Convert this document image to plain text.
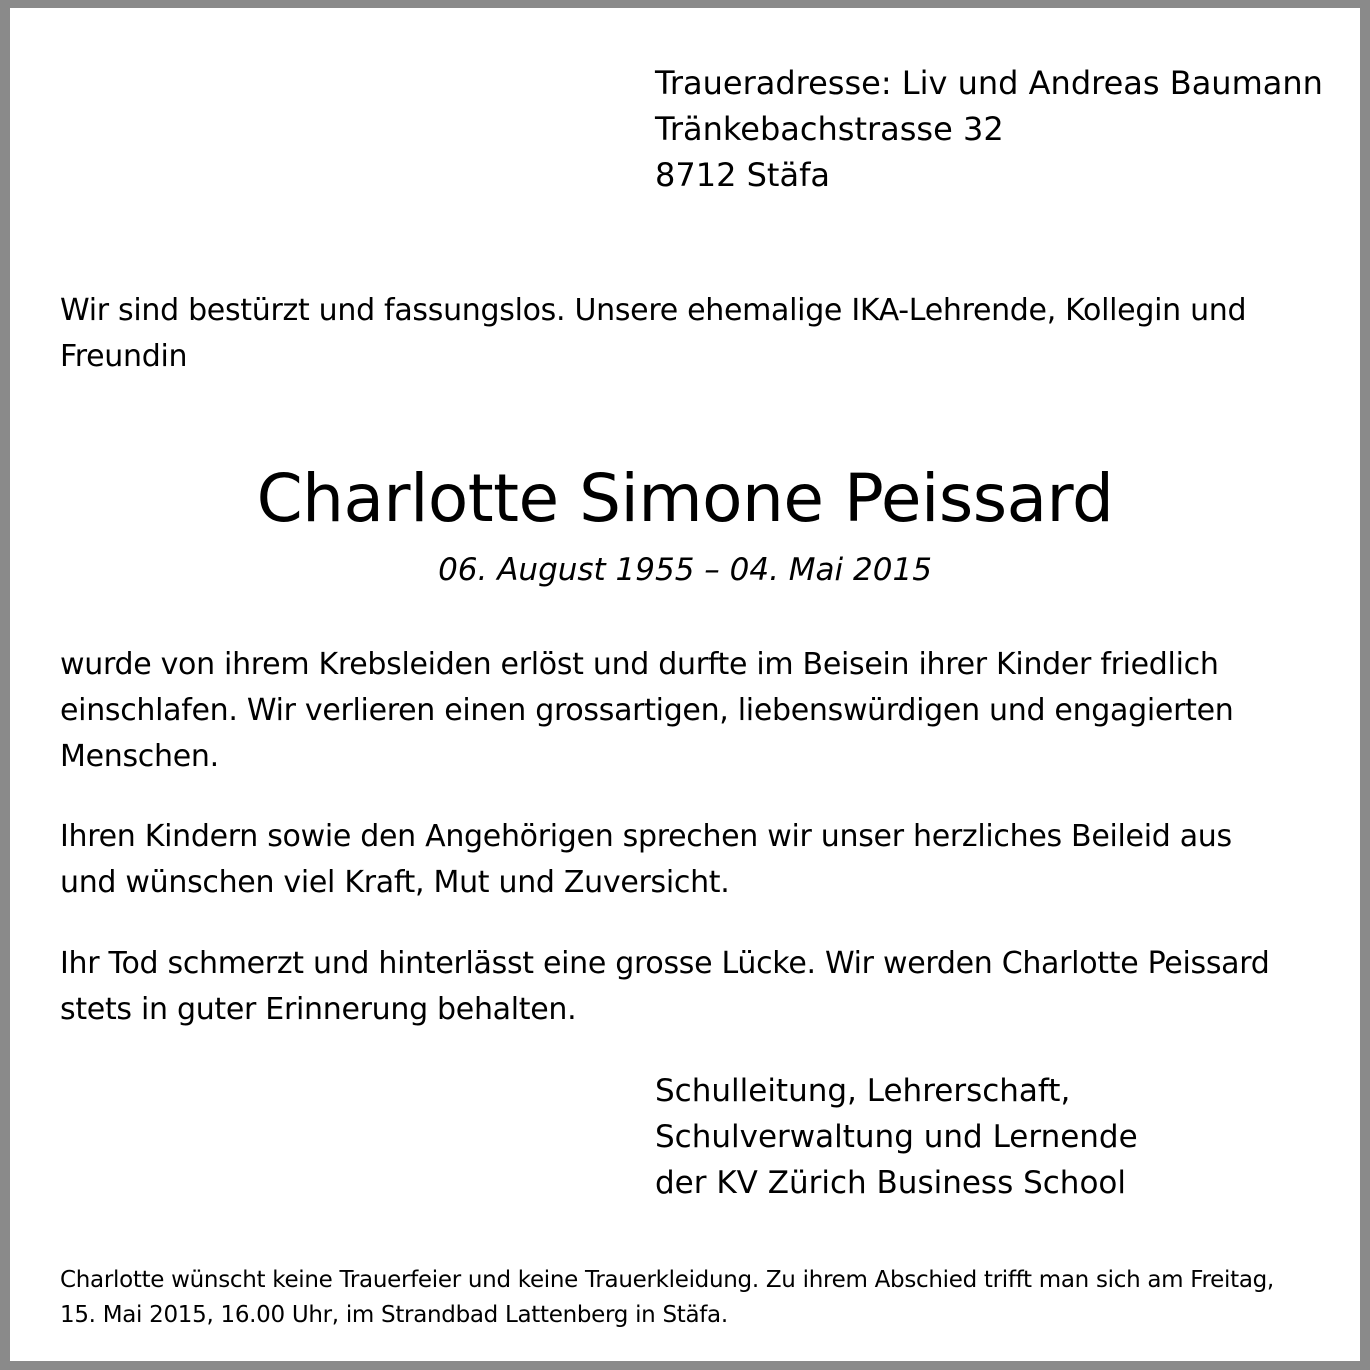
Traueradresse: Liv und Andreas Baumann
Tränkebachstrasse 32
8712 Stäfa
Wir sind bestürzt und fassungslos. Unsere ehemalige IKA-Lehrende, Kollegin und
Freundin
Charlotte Simone Peissard
06. August 1955 – 04. Mai 2015
wurde von ihrem Krebsleiden erlöst und durfte im Beisein ihrer Kinder friedlich
einschlafen. Wir verlieren einen grossartigen, liebenswürdigen und engagierten
Menschen.
Ihren Kindern sowie den Angehörigen sprechen wir unser herzliches Beileid aus
und wünschen viel Kraft, Mut und Zuversicht.
Ihr Tod schmerzt und hinterlässt eine grosse Lücke. Wir werden Charlotte Peissard
stets in guter Erinnerung behalten.
Schulleitung, Lehrerschaft,
Schulverwaltung und Lernende
der KV Zürich Business School
Charlotte wünscht keine Trauerfeier und keine Trauerkleidung. Zu ihrem Abschied trifft man sich am Freitag,
15. Mai 2015, 16.00 Uhr, im Strandbad Lattenberg in Stäfa.
